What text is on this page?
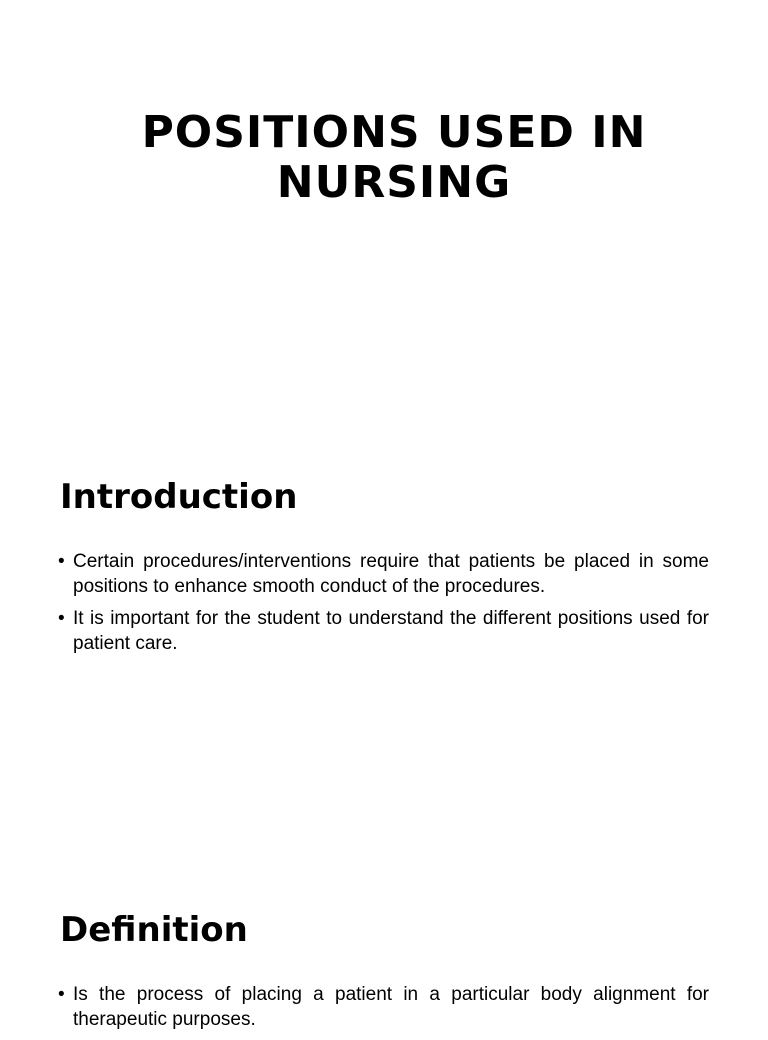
POSITIONS USED IN NURSING
Introduction
• Certain procedures/interventions require that patients be placed in some positions to enhance smooth conduct of the procedures.
• It is important for the student to understand the different positions used for patient care.
Definition
• Is the process of placing a patient in a particular body alignment for therapeutic purposes.
